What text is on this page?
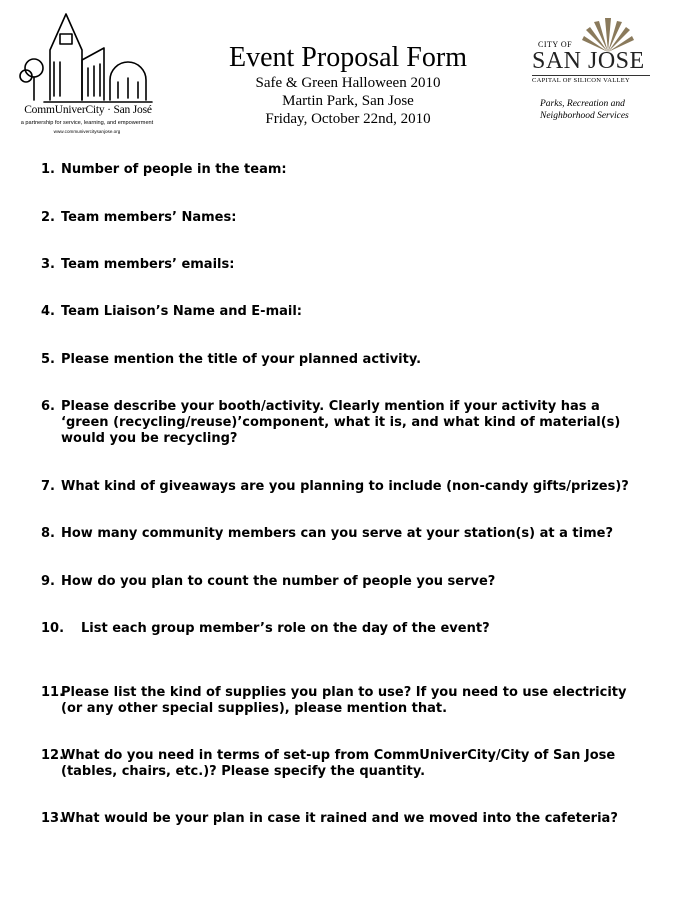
CommUniverCity · San José
a partnership for service, learning, and empowerment
www.communivercitysanjose.org
Event Proposal Form
Safe & Green Halloween 2010
Martin Park, San Jose
Friday, October 22nd, 2010
CITY OF
SAN JOSE
CAPITAL OF SILICON VALLEY
Parks, Recreation and Neighborhood Services
1. Number of people in the team:
2. Team members’ Names:
3. Team members’ emails:
4. Team Liaison’s Name and E-mail:
5. Please mention the title of your planned activity.
6. Please describe your booth/activity. Clearly mention if your activity has a ‘green (recycling/reuse)’component, what it is, and what kind of material(s) would you be recycling?
7. What kind of giveaways are you planning to include (non-candy gifts/prizes)?
8. How many community members can you serve at your station(s) at a time?
9. How do you plan to count the number of people you serve?
10. List each group member’s role on the day of the event?
11.
Please list the kind of supplies you plan to use? If you need to use electricity (or any other special supplies), please mention that.
12.
What do you need in terms of set-up from CommUniverCity/City of San Jose (tables, chairs, etc.)? Please specify the quantity.
13.
What would be your plan in case it rained and we moved into the cafeteria?
